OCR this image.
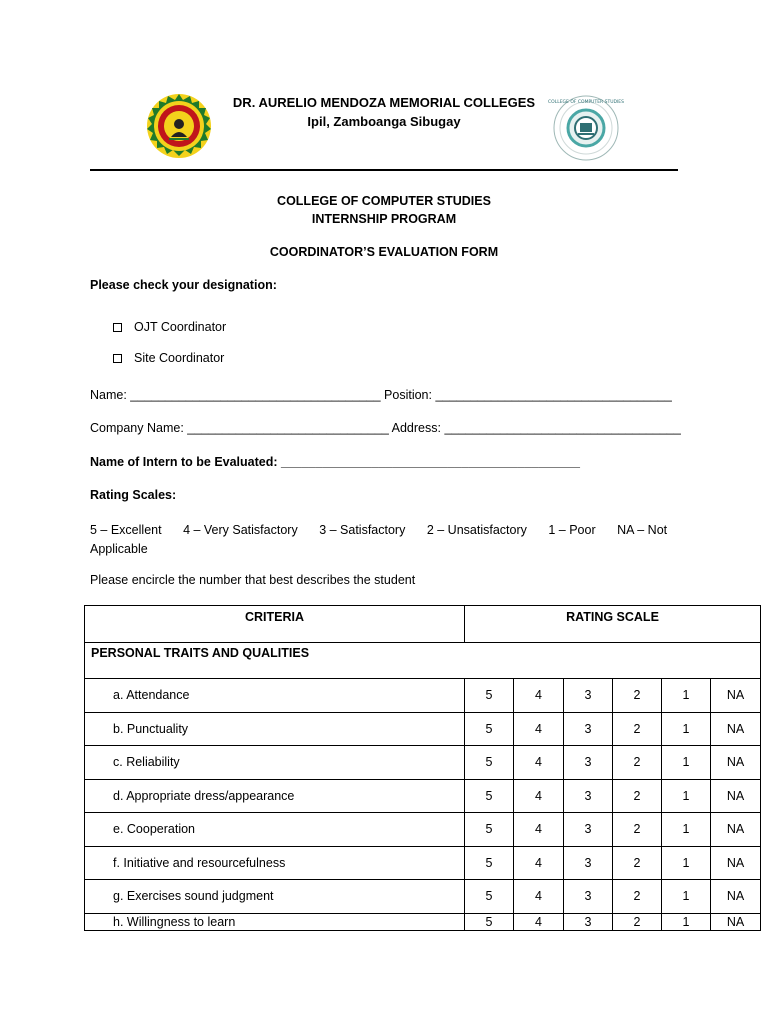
COLLEGE OF COMPUTER STUDIES
DR. AURELIO MENDOZA MEMORIAL COLLEGES
Ipil, Zamboanga Sibugay
COLLEGE OF COMPUTER STUDIES
INTERNSHIP PROGRAM
COORDINATOR’S EVALUATION FORM
Please check your designation:
OJT Coordinator
Site Coordinator
Name: ____________________________________ Position: __________________________________
Company Name: _____________________________ Address: __________________________________
Name of Intern to be Evaluated: ___________________________________________
Rating Scales:
5 – Excellent 4 – Very Satisfactory 3 – Satisfactory 2 – Unsatisfactory 1 – Poor NA – Not Applicable
Please encircle the number that best describes the student
CRITERIA	RATING SCALE					
PERSONAL TRAITS AND QUALITIES						
a. Attendance	5	4	3	2	1	NA
b. Punctuality	5	4	3	2	1	NA
c. Reliability	5	4	3	2	1	NA
d. Appropriate dress/appearance	5	4	3	2	1	NA
e. Cooperation	5	4	3	2	1	NA
f. Initiative and resourcefulness	5	4	3	2	1	NA
g. Exercises sound judgment	5	4	3	2	1	NA
h. Willingness to learn	5	4	3	2	1	NA
